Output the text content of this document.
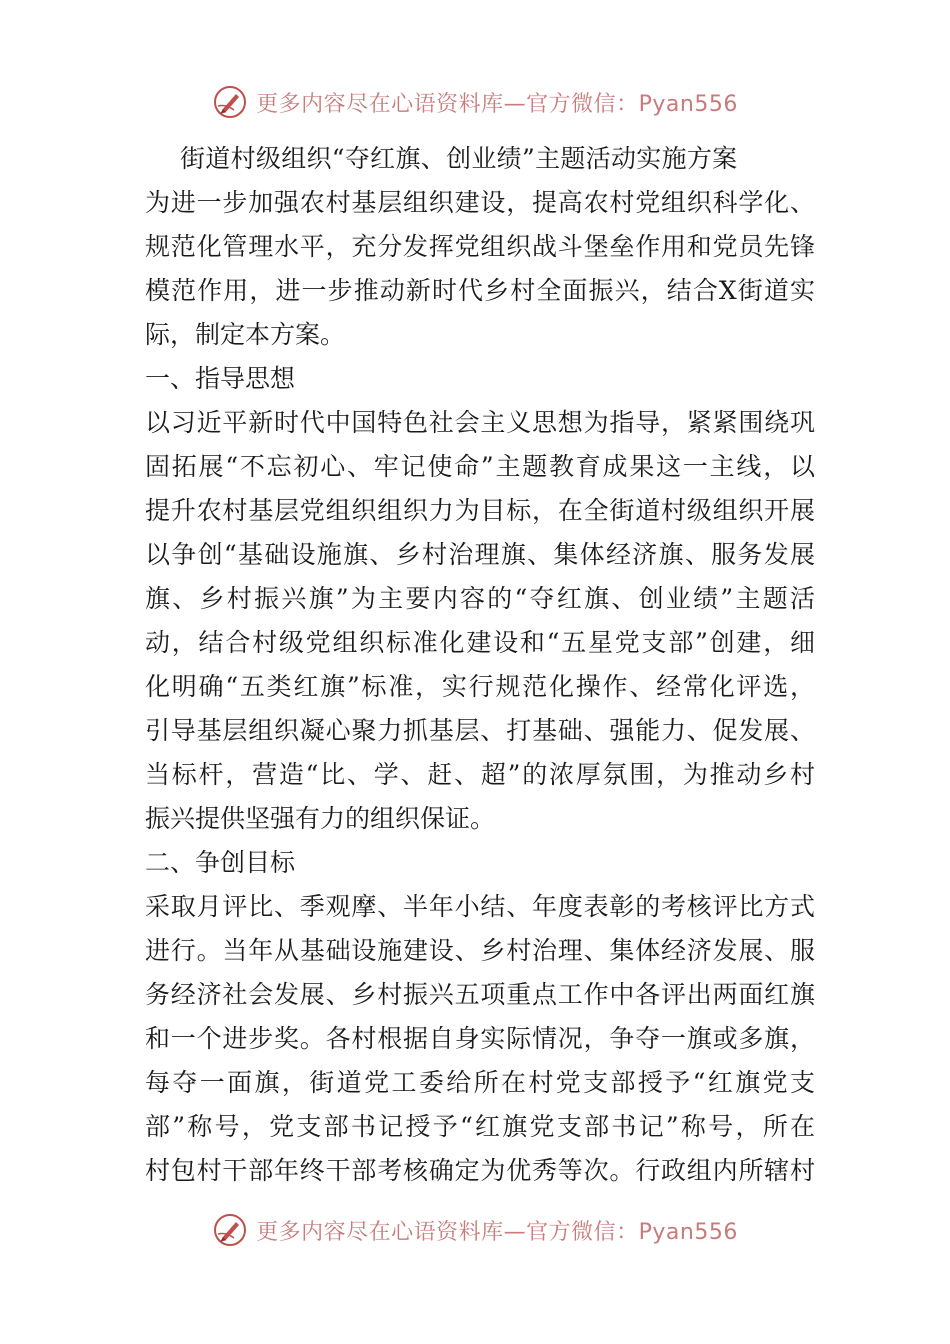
更多内容尽在心语资料库—官方微信：Pyan556
街道村级组织“夺红旗、创业绩”主题活动实施方案
为进一步加强农村基层组织建设，提高农村党组织科学化、
规范化管理水平，充分发挥党组织战斗堡垒作用和党员先锋
模范作用，进一步推动新时代乡村全面振兴，结合X街道实
际，制定本方案。
一、指导思想
以习近平新时代中国特色社会主义思想为指导，紧紧围绕巩
固拓展“不忘初心、牢记使命”主题教育成果这一主线，以
提升农村基层党组织组织力为目标，在全街道村级组织开展
以争创“基础设施旗、乡村治理旗、集体经济旗、服务发展
旗、乡村振兴旗”为主要内容的“夺红旗、创业绩”主题活
动，结合村级党组织标准化建设和“五星党支部”创建，细
化明确“五类红旗”标准，实行规范化操作、经常化评选，
引导基层组织凝心聚力抓基层、打基础、强能力、促发展、
当标杆，营造“比、学、赶、超”的浓厚氛围，为推动乡村
振兴提供坚强有力的组织保证。
二、争创目标
采取月评比、季观摩、半年小结、年度表彰的考核评比方式
进行。当年从基础设施建设、乡村治理、集体经济发展、服
务经济社会发展、乡村振兴五项重点工作中各评出两面红旗
和一个进步奖。各村根据自身实际情况，争夺一旗或多旗，
每夺一面旗，街道党工委给所在村党支部授予“红旗党支
部”称号，党支部书记授予“红旗党支部书记”称号，所在
村包村干部年终干部考核确定为优秀等次。行政组内所辖村
更多内容尽在心语资料库—官方微信：Pyan556
